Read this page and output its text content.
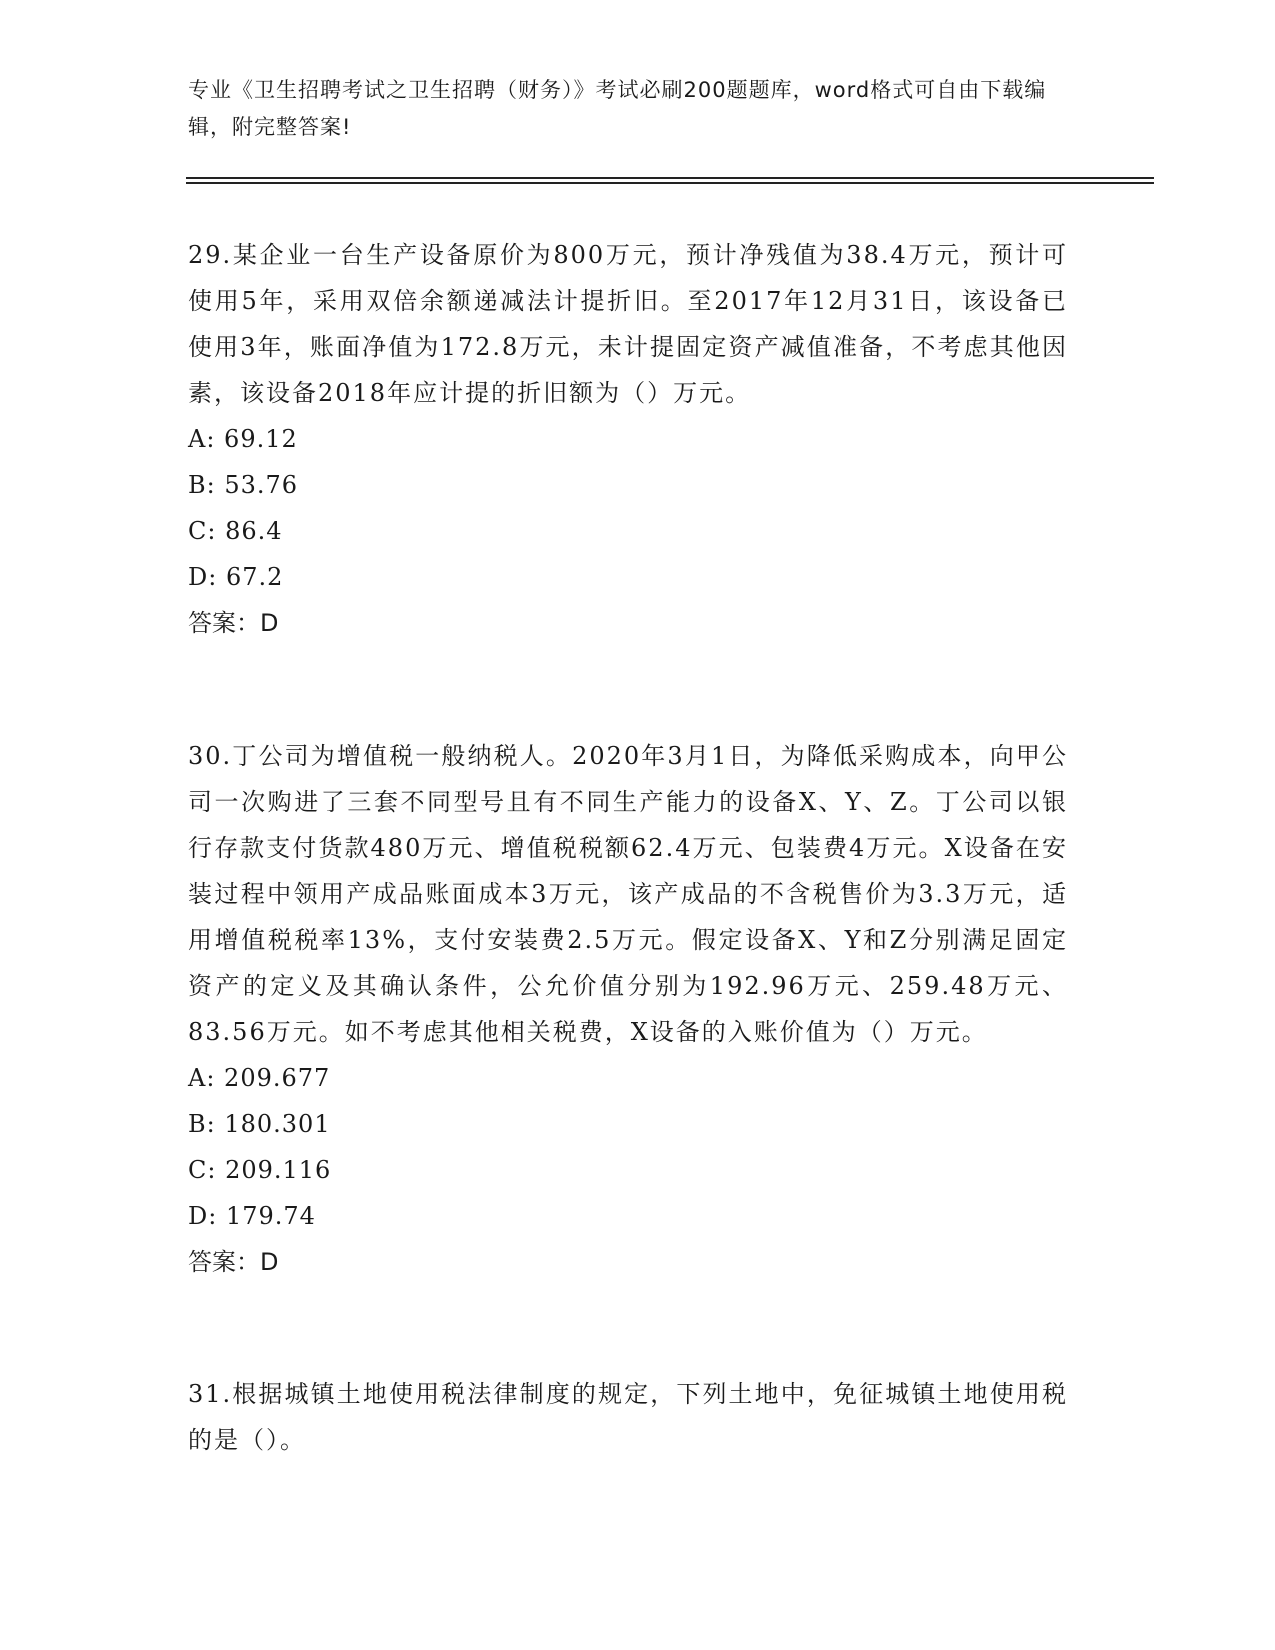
专业《卫生招聘考试之卫生招聘（财务）》考试必刷200题题库，word格式可自由下载编辑，附完整答案!

29.某企业一台生产设备原价为800万元，预计净残值为38.4万元，预计可使用5年，采用双倍余额递减法计提折旧。至2017年12月31日，该设备已使用3年，账面净值为172.8万元，未计提固定资产减值准备，不考虑其他因素，该设备2018年应计提的折旧额为（）万元。

A: 69.12

B: 53.76

C: 86.4

D: 67.2

答案：D

30.丁公司为增值税一般纳税人。2020年3月1日，为降低采购成本，向甲公司一次购进了三套不同型号且有不同生产能力的设备X、Y、Z。丁公司以银行存款支付货款480万元、增值税税额62.4万元、包装费4万元。X设备在安装过程中领用产成品账面成本3万元，该产成品的不含税售价为3.3万元，适用增值税税率13%，支付安装费2.5万元。假定设备X、Y和Z分别满足固定资产的定义及其确认条件，公允价值分别为192.96万元、259.48万元、83.56万元。如不考虑其他相关税费，X设备的入账价值为（）万元。

A: 209.677

B: 180.301

C: 209.116

D: 179.74

答案：D

31.根据城镇土地使用税法律制度的规定，下列土地中，免征城镇土地使用税的是（）。
